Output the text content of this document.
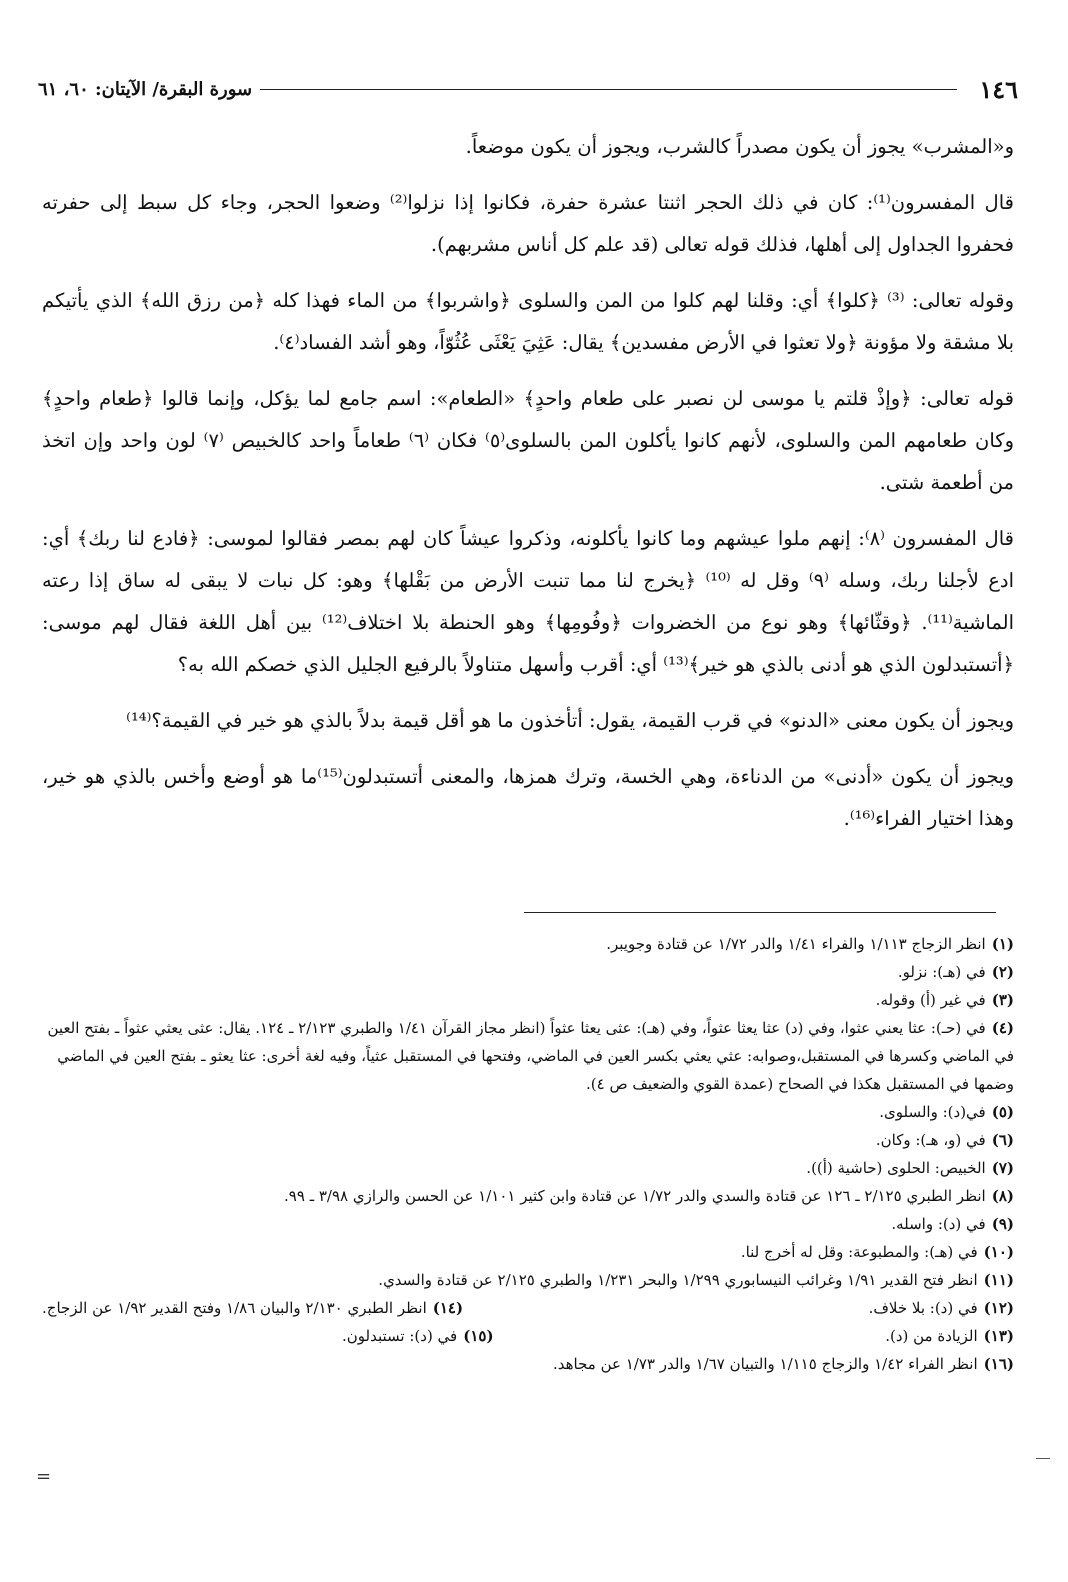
١٤٦
سورة البقرة/ الآيتان: ٦٠، ٦١

و«المشرب» يجوز أن يكون مصدراً كالشرب، ويجوز أن يكون موضعاً.

قال المفسرون⁽¹⁾: كان في ذلك الحجر اثنتا عشرة حفرة، فكانوا إذا نزلوا⁽²⁾ وضعوا الحجر، وجاء كل سبط إلى حفرته فحفروا الجداول إلى أهلها، فذلك قوله تعالى (قد علم كل أناس مشربهم).

وقوله تعالى: ⁽³⁾ ﴿كلوا﴾ أي: وقلنا لهم كلوا من المن والسلوى ﴿واشربوا﴾ من الماء فهذا كله ﴿من رزق الله﴾ الذي يأتيكم بلا مشقة ولا مؤونة ﴿ولا تعثوا في الأرض مفسدين﴾ يقال: عَثِيَ يَعْثَى عُثُوّاً، وهو أشد الفساد⁽٤⁾.

قوله تعالى: ﴿وإذْ قلتم يا موسى لن نصبر على طعام واحدٍ﴾ «الطعام»: اسم جامع لما يؤكل، وإنما قالوا ﴿طعام واحدٍ﴾ وكان طعامهم المن والسلوى، لأنهم كانوا يأكلون المن بالسلوى⁽٥⁾ فكان ⁽٦⁾ طعاماً واحد كالخبيص ⁽٧⁾ لون واحد وإن اتخذ من أطعمة شتى.

قال المفسرون ⁽٨⁾: إنهم ملوا عيشهم وما كانوا يأكلونه، وذكروا عيشاً كان لهم بمصر فقالوا لموسى: ﴿فادع لنا ربك﴾ أي: ادع لأجلنا ربك، وسله ⁽٩⁾ وقل له ⁽¹⁰⁾ ﴿يخرج لنا مما تنبت الأرض من بَقْلها﴾ وهو: كل نبات لا يبقى له ساق إذا رعته الماشية⁽¹¹⁾. ﴿وقثّائها﴾ وهو نوع من الخضروات ﴿وفُومِها﴾ وهو الحنطة بلا اختلاف⁽¹²⁾ بين أهل اللغة فقال لهم موسى: ﴿أتستبدلون الذي هو أدنى بالذي هو خير﴾⁽¹³⁾ أي: أقرب وأسهل متناولاً بالرفيع الجليل الذي خصكم الله به؟

ويجوز أن يكون معنى «الدنو» في قرب القيمة، يقول: أتأخذون ما هو أقل قيمة بدلاً بالذي هو خير في القيمة؟⁽¹⁴⁾

ويجوز أن يكون «أدنى» من الدناءة، وهي الخسة، وترك همزها، والمعنى أتستبدلون⁽¹⁵⁾ما هو أوضع وأخس بالذي هو خير، وهذا اختيار الفراء⁽¹⁶⁾.

(١)انظر الزجاج ١/١١٣ والفراء ١/٤١ والدر ١/٧٢ عن قتادة وجويبر.
(٢)في (هـ): نزلو.
(٣)في غير (أ) وقوله.
(٤)في (حـ): عثا يعني عثوا، وفي (د) عثا يعثا عثواً، وفي (هـ): عثى يعثا عثواً (انظر مجاز القرآن ١/٤١ والطبري ٢/١٢٣ ـ ١٢٤. يقال: عثى يعثي عثواً ـ بفتح العين في الماضي وكسرها في المستقبل،وصوابه: عثي يعثي بكسر العين في الماضي، وفتحها في المستقبل عثياً، وفيه لغة أخرى: عثا يعثو ـ بفتح العين في الماضي وضمها في المستقبل هكذا في الصحاح (عمدة القوي والضعيف ص ٤).
(٥)في(د): والسلوى.
(٦)في (و، هـ): وكان.
(٧)الخبيص: الحلوى (حاشية (أ)).
(٨)انظر الطبري ٢/١٢٥ ـ ١٢٦ عن قتادة والسدي والدر ١/٧٢ عن قتادة وابن كثير ١/١٠١ عن الحسن والرازي ٣/٩٨ ـ ٩٩.
(٩)في (د): واسله.
(١٠)في (هـ): والمطبوعة: وقل له أخرج لنا.
(١١)انظر فتح القدير ١/٩١ وغرائب النيسابوري ١/٢٩٩ والبحر ١/٢٣١ والطبري ٢/١٢٥ عن قتادة والسدي.
(١٢)في (د): بلا خلاف.
(١٤)انظر الطبري ٢/١٣٠ والبيان ١/٨٦ وفتح القدير ١/٩٢ عن الزجاج.
(١٣)الزيادة من (د).
(١٥)في (د): تستبدلون.
(١٦)انظر الفراء ١/٤٢ والزجاج ١/١١٥ والتبيان ١/٦٧ والدر ١/٧٣ عن مجاهد.
=
